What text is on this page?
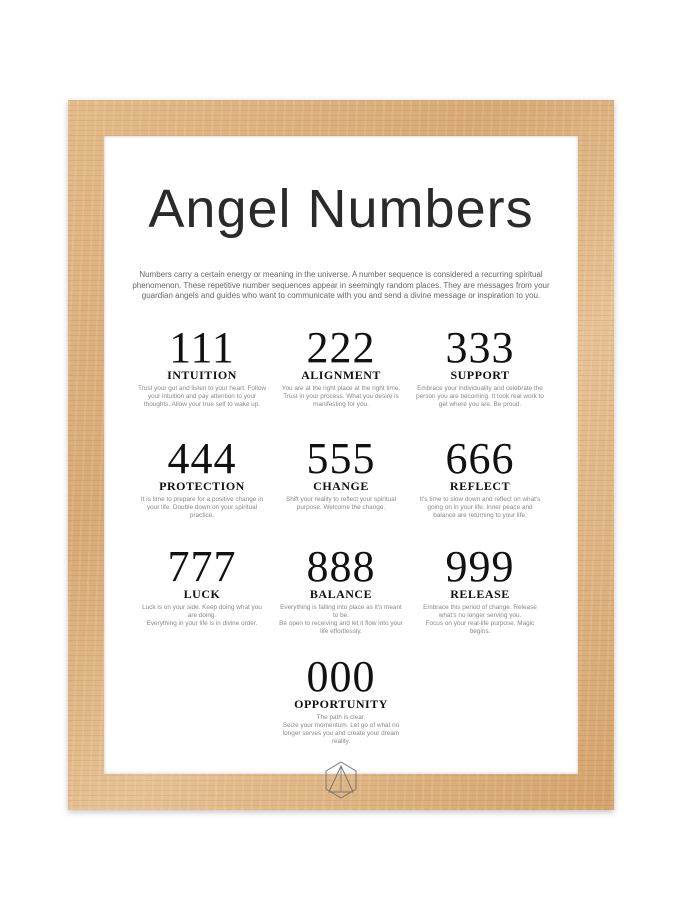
Angel Numbers
Numbers carry a certain energy or meaning in the universe. A number sequence is considered a recurring spiritual phenomenon. These repetitive number sequences appear in seemingly random places. They are messages from your guardian angels and guides who want to communicate with you and send a divine message or inspiration to you.
111
INTUITION
Trust your gut and listen to your heart. Follow your intuition and pay attention to your thoughts. Allow your true self to wake up.
222
ALIGNMENT
You are at the right place at the right time. Trust in your process. What you desire is manifesting for you.
333
SUPPORT
Embrace your individuality and celebrate the person you are becoming. It took real work to get where you are. Be proud.
444
PROTECTION
It is time to prepare for a positive change in your life. Double down on your spiritual practice.
555
CHANGE
Shift your reality to reflect your spiritual purpose. Welcome the change.
666
REFLECT
It's time to slow down and reflect on what's going on in your life. Inner peace and balance are returning to your life.
777
LUCK
Luck is on your side. Keep doing what you are doing.
Everything in your life is in divine order.
888
BALANCE
Everything is falling into place as it's meant to be.
Be open to receiving and let it flow into your life effortlessly.
999
RELEASE
Embrace this period of change. Release what's no longer serving you.
Focus on your real-life purpose. Magic begins.
000
OPPORTUNITY
The path is clear.
Seize your momentum. Let go of what no longer serves you and create your dream reality.
